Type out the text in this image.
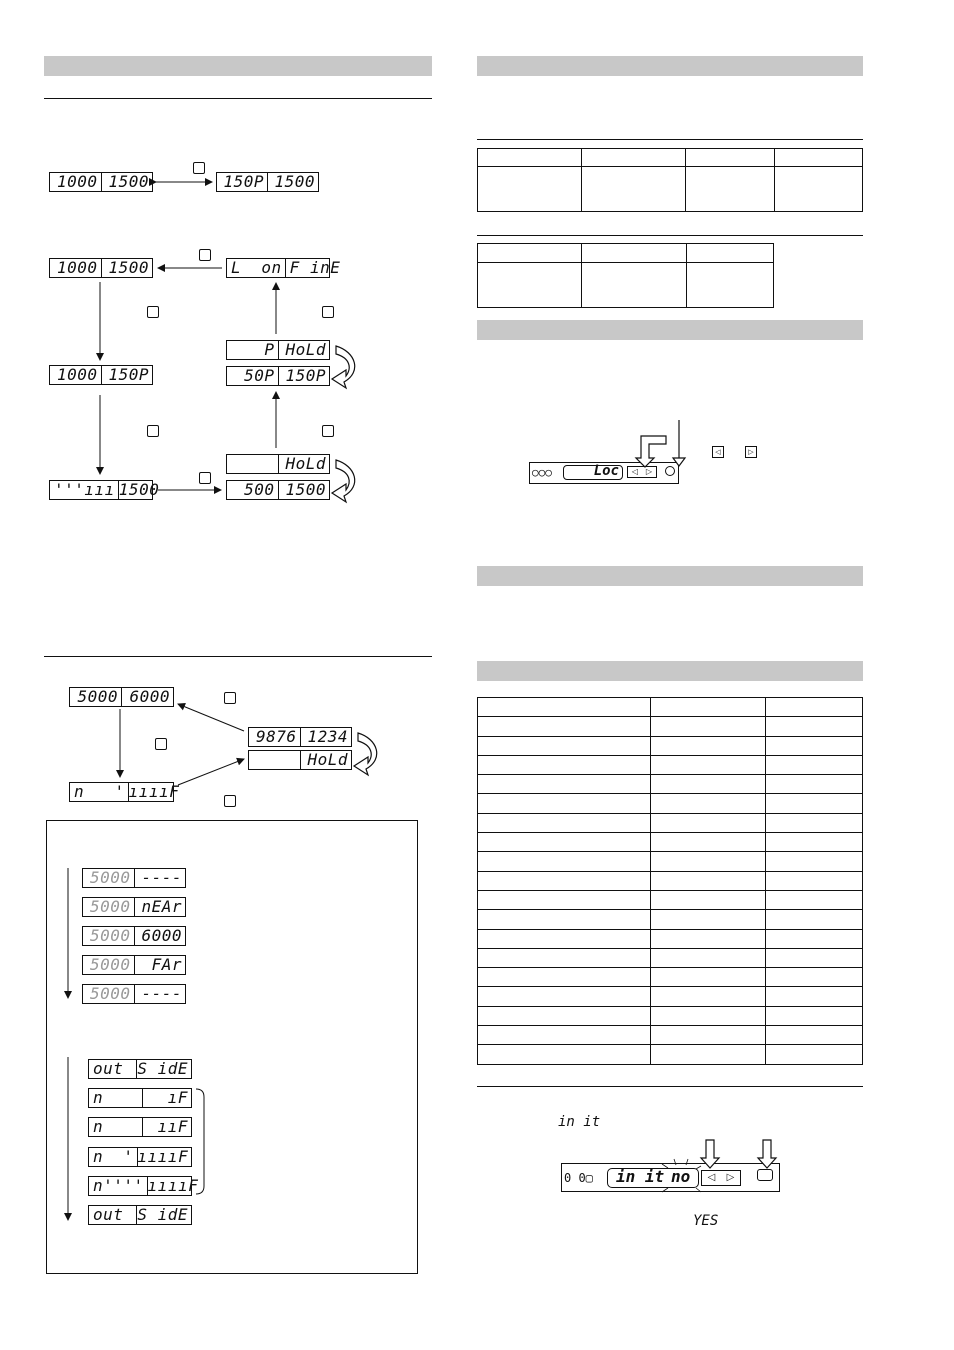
1000 1500	150P 1500
1000 1500	L  on F inE
1000 150P
P HoLd
50P 150P
'''ııı 1500
HoLd
500 1500
5000 6000
9876 1234
HoLd
n   ' ııııF
5000 ----
5000 nEAr
5000 6000
5000	FAr
5000 ----
out S idE
n	ıF
n	ııF
n  ' ııııF
n'''' ııııF
out S idE

○○○	Loc ◁ ▷
◁	▷

in it
0 0▢	in it no ◁ ▷
YES
